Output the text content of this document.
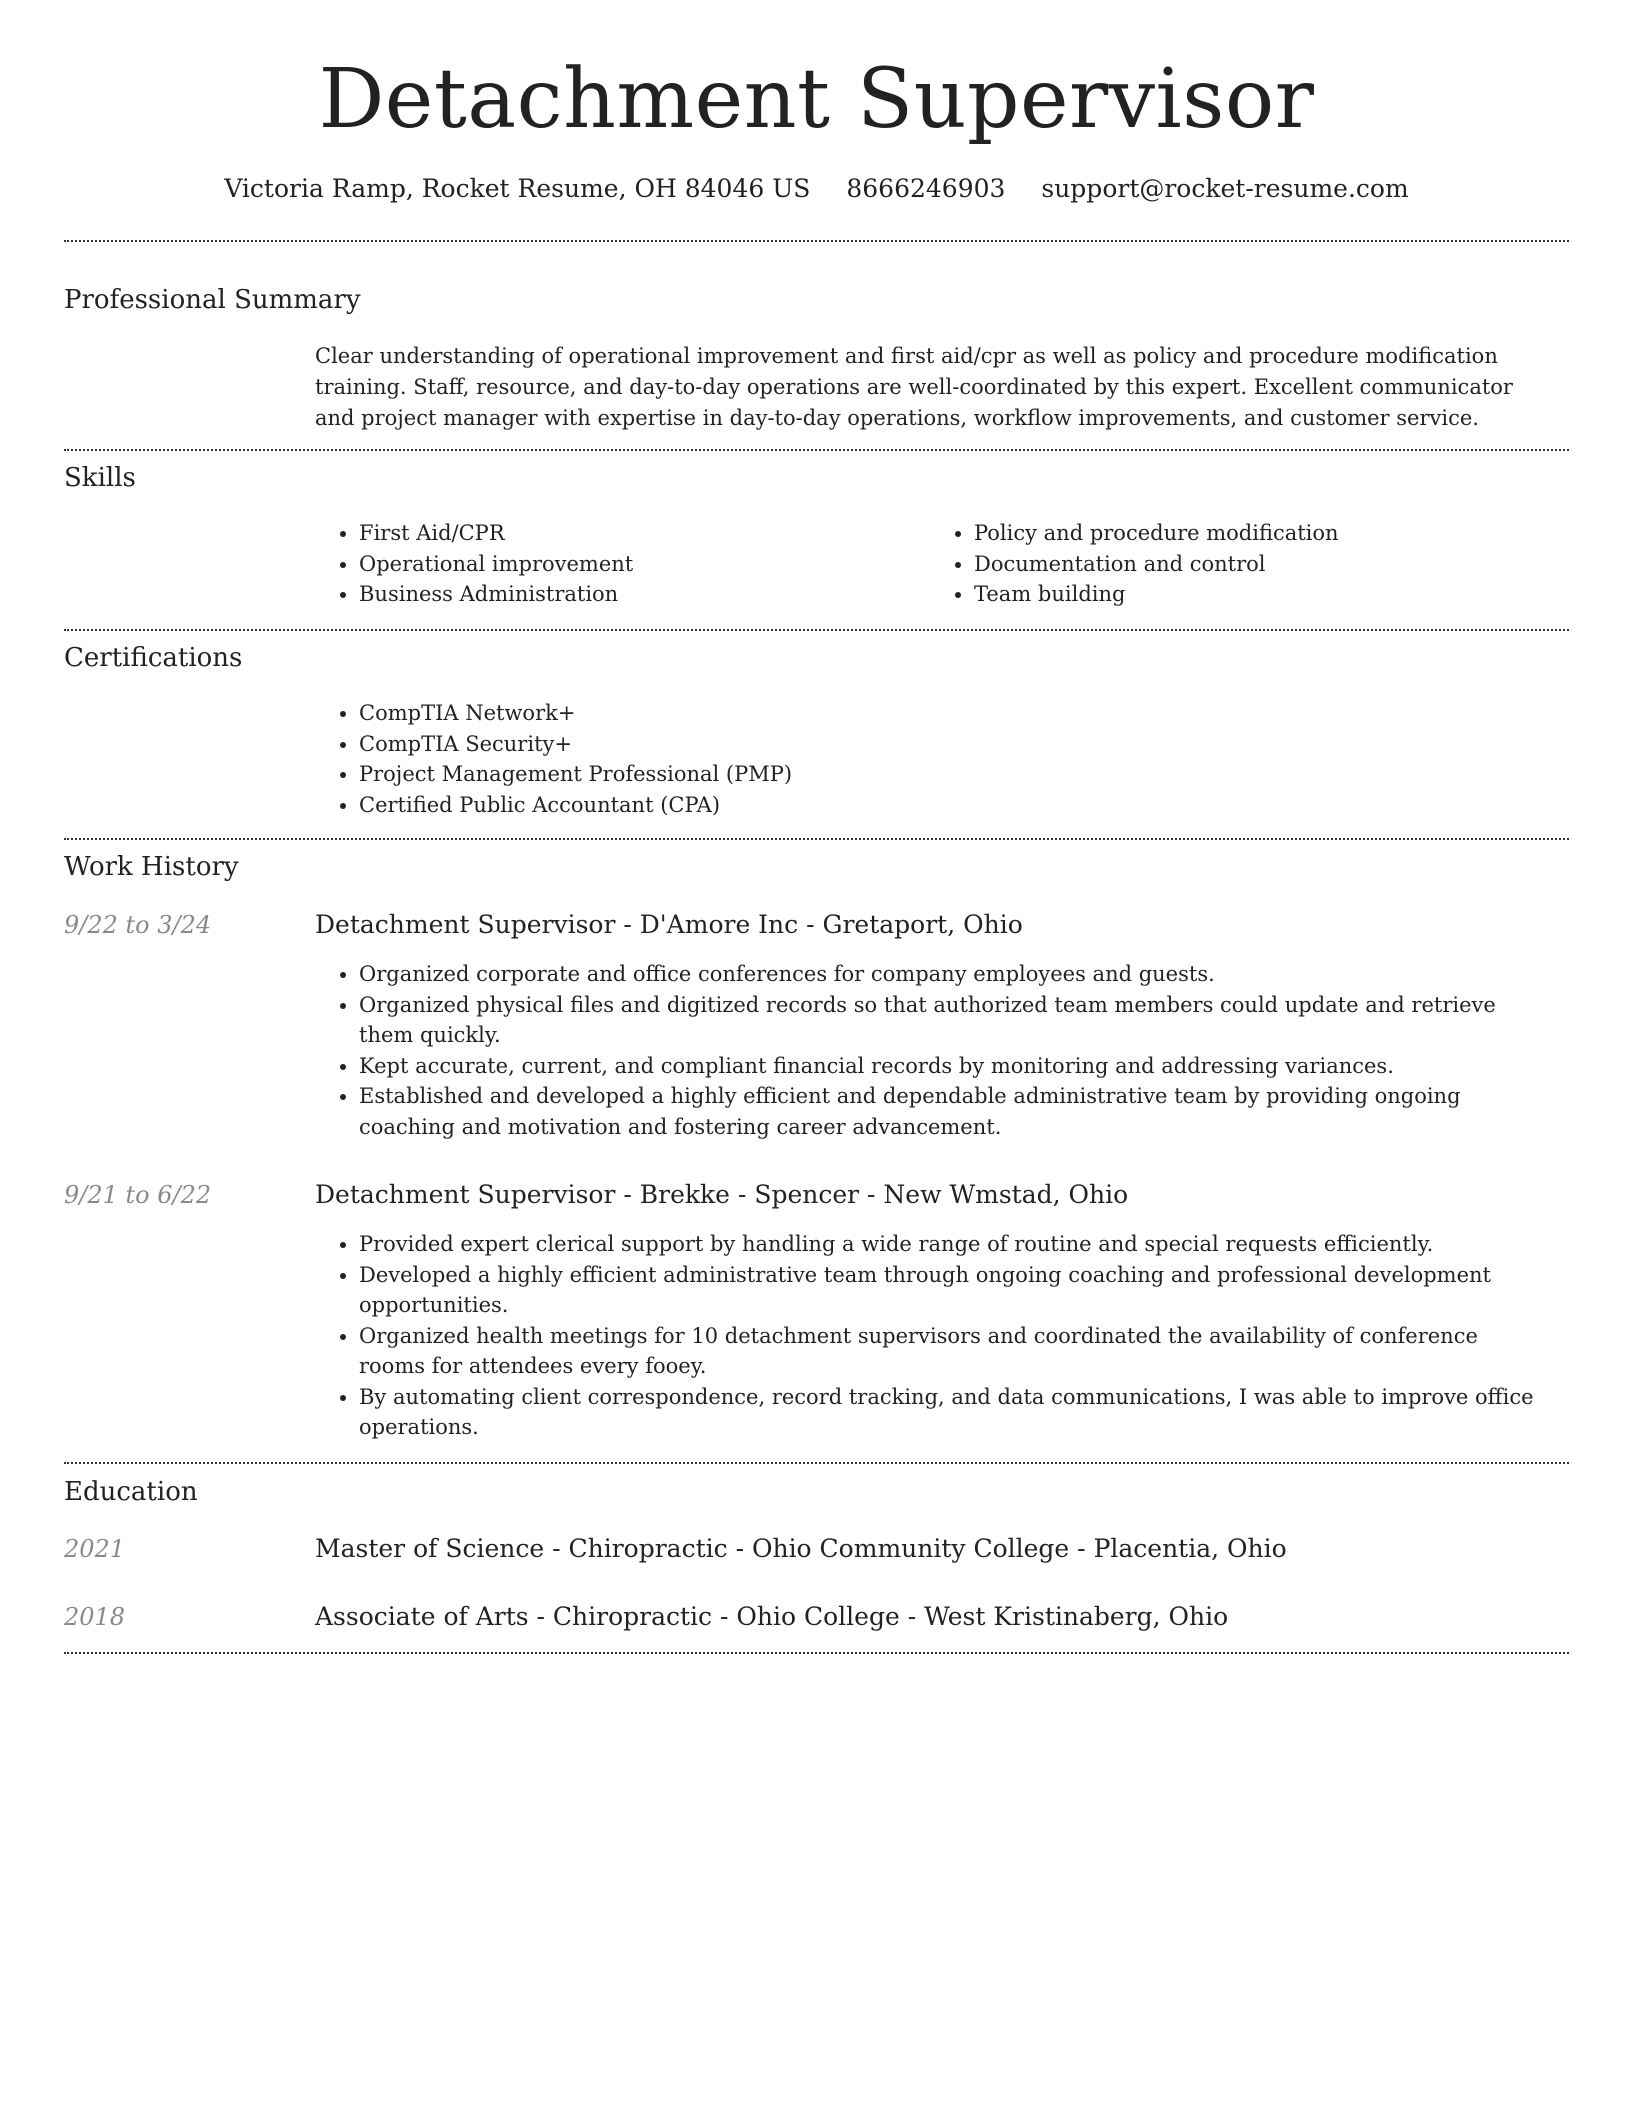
Detachment Supervisor
Victoria Ramp, Rocket Resume, OH 84046 US 8666246903 support@rocket-resume.com
Professional Summary
Clear understanding of operational improvement and first aid/cpr as well as policy and procedure modification training. Staff, resource, and day-to-day operations are well-coordinated by this expert. Excellent communicator and project manager with expertise in day-to-day operations, workflow improvements, and customer service.
Skills
• First Aid/CPR
• Operational improvement
• Business Administration
• Policy and procedure modification
• Documentation and control
• Team building
Certifications
• CompTIA Network+
• CompTIA Security+
• Project Management Professional (PMP)
• Certified Public Accountant (CPA)
Work History
9/22 to 3/24	Detachment Supervisor - D'Amore Inc - Gretaport, Ohio
• Organized corporate and office conferences for company employees and guests.
• Organized physical files and digitized records so that authorized team members could update and retrieve them quickly.
• Kept accurate, current, and compliant financial records by monitoring and addressing variances.
• Established and developed a highly efficient and dependable administrative team by providing ongoing coaching and motivation and fostering career advancement.
9/21 to 6/22	Detachment Supervisor - Brekke - Spencer - New Wmstad, Ohio
• Provided expert clerical support by handling a wide range of routine and special requests efficiently.
• Developed a highly efficient administrative team through ongoing coaching and professional development opportunities.
• Organized health meetings for 10 detachment supervisors and coordinated the availability of conference rooms for attendees every fooey.
• By automating client correspondence, record tracking, and data communications, I was able to improve office operations.
Education
2021	Master of Science - Chiropractic - Ohio Community College - Placentia, Ohio
2018	Associate of Arts - Chiropractic - Ohio College - West Kristinaberg, Ohio
